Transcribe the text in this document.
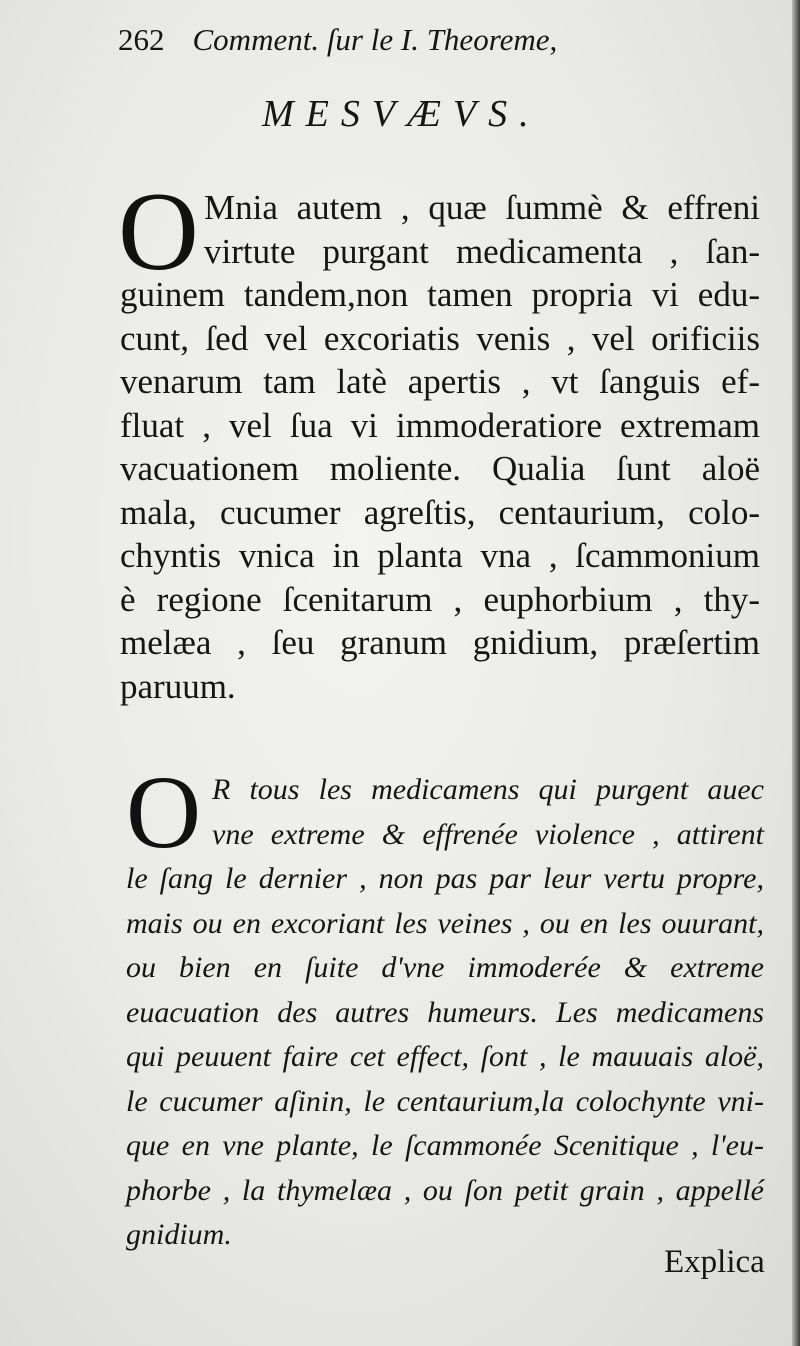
262 Comment. ſur le I. Theoreme,
MESVÆVS.
O Mnia autem , quæ ſummè & effreni
virtute purgant medicamenta , ſan-
guinem tandem,non tamen propria vi edu-
cunt, ſed vel excoriatis venis , vel orificiis
venarum tam latè apertis , vt ſanguis ef-
fluat , vel ſua vi immoderatiore extremam
vacuationem moliente. Qualia ſunt aloë
mala, cucumer agreſtis, centaurium, colo-
chyntis vnica in planta vna , ſcammonium
è regione ſcenitarum , euphorbium , thy-
melæa , ſeu granum gnidium, præſertim
paruum.
O R tous les medicamens qui purgent auec
vne extreme & effrenée violence , attirent
le ſang le dernier , non pas par leur vertu propre,
mais ou en excoriant les veines , ou en les ouurant,
ou bien en ſuite d'vne immoderée & extreme
euacuation des autres humeurs. Les medicamens
qui peuuent faire cet effect, ſont , le mauuais aloë,
le cucumer aſinin, le centaurium,la colochynte vni-
que en vne plante, le ſcammonée Scenitique , l'eu-
phorbe , la thymelæa , ou ſon petit grain , appellé
gnidium.
Explica
